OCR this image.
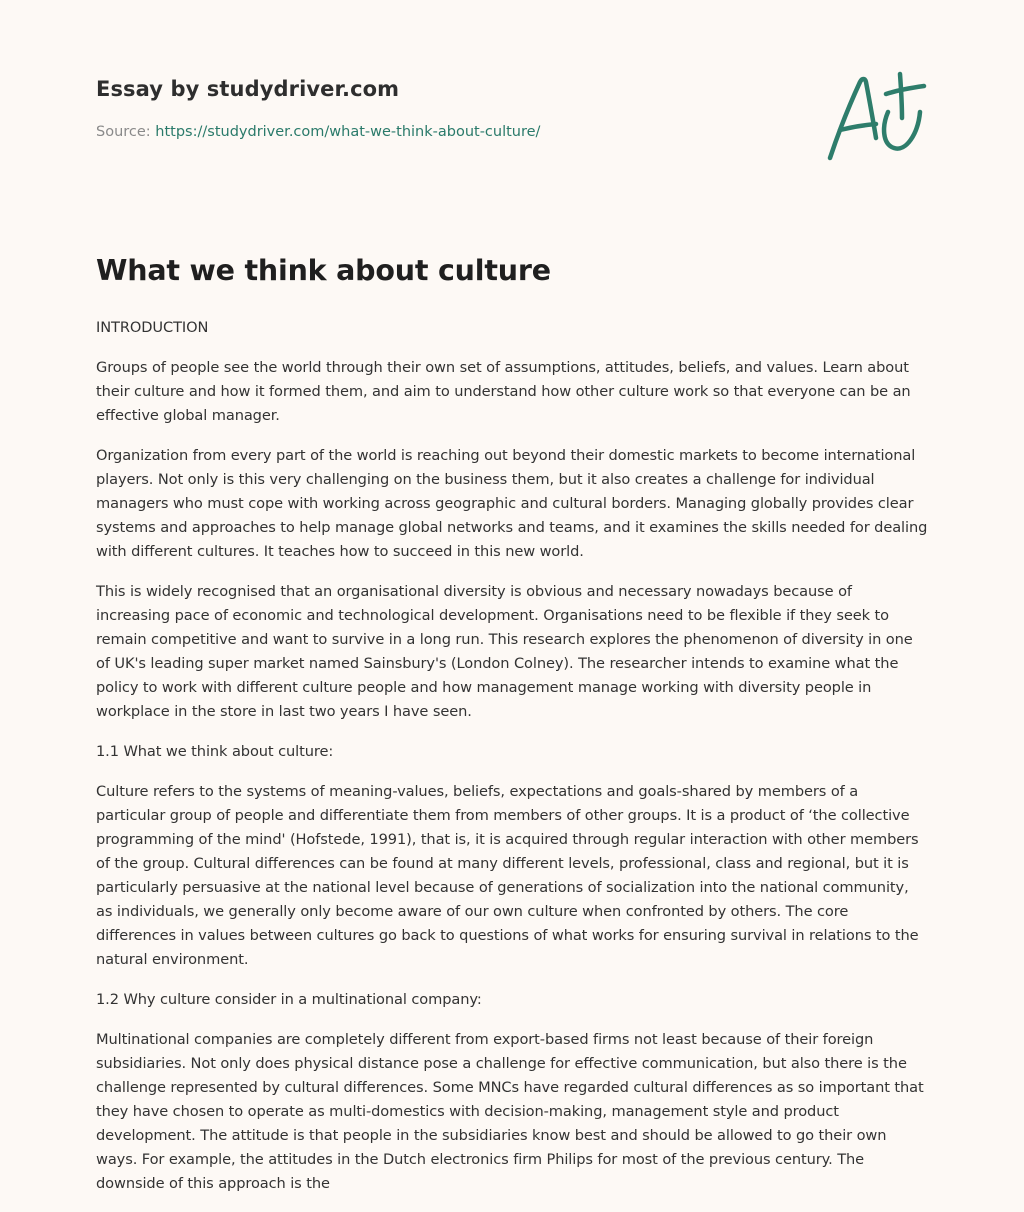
Essay by studydriver.com
Source: https://studydriver.com/what-we-think-about-culture/
What we think about culture

INTRODUCTION

Groups of people see the world through their own set of assumptions, attitudes, beliefs, and values. Learn about their culture and how it formed them, and aim to understand how other culture work so that everyone can be an effective global manager.

Organization from every part of the world is reaching out beyond their domestic markets to become international players. Not only is this very challenging on the business them, but it also creates a challenge for individual managers who must cope with working across geographic and cultural borders. Managing globally provides clear systems and approaches to help manage global networks and teams, and it examines the skills needed for dealing with different cultures. It teaches how to succeed in this new world.

This is widely recognised that an organisational diversity is obvious and necessary nowadays because of increasing pace of economic and technological development. Organisations need to be flexible if they seek to remain competitive and want to survive in a long run. This research explores the phenomenon of diversity in one of UK's leading super market named Sainsbury's (London Colney). The researcher intends to examine what the policy to work with different culture people and how management manage working with diversity people in workplace in the store in last two years I have seen.

1.1 What we think about culture:

Culture refers to the systems of meaning-values, beliefs, expectations and goals-shared by members of a particular group of people and differentiate them from members of other groups. It is a product of ‘the collective programming of the mind' (Hofstede, 1991), that is, it is acquired through regular interaction with other members of the group. Cultural differences can be found at many different levels, professional, class and regional, but it is particularly persuasive at the national level because of generations of socialization into the national community, as individuals, we generally only become aware of our own culture when confronted by others. The core differences in values between cultures go back to questions of what works for ensuring survival in relations to the natural environment.

1.2 Why culture consider in a multinational company:

Multinational companies are completely different from export-based firms not least because of their foreign subsidiaries. Not only does physical distance pose a challenge for effective communication, but also there is the challenge represented by cultural differences. Some MNCs have regarded cultural differences as so important that they have chosen to operate as multi-domestics with decision-making, management style and product development. The attitude is that people in the subsidiaries know best and should be allowed to go their own ways. For example, the attitudes in the Dutch electronics firm Philips for most of the previous century. The downside of this approach is the
